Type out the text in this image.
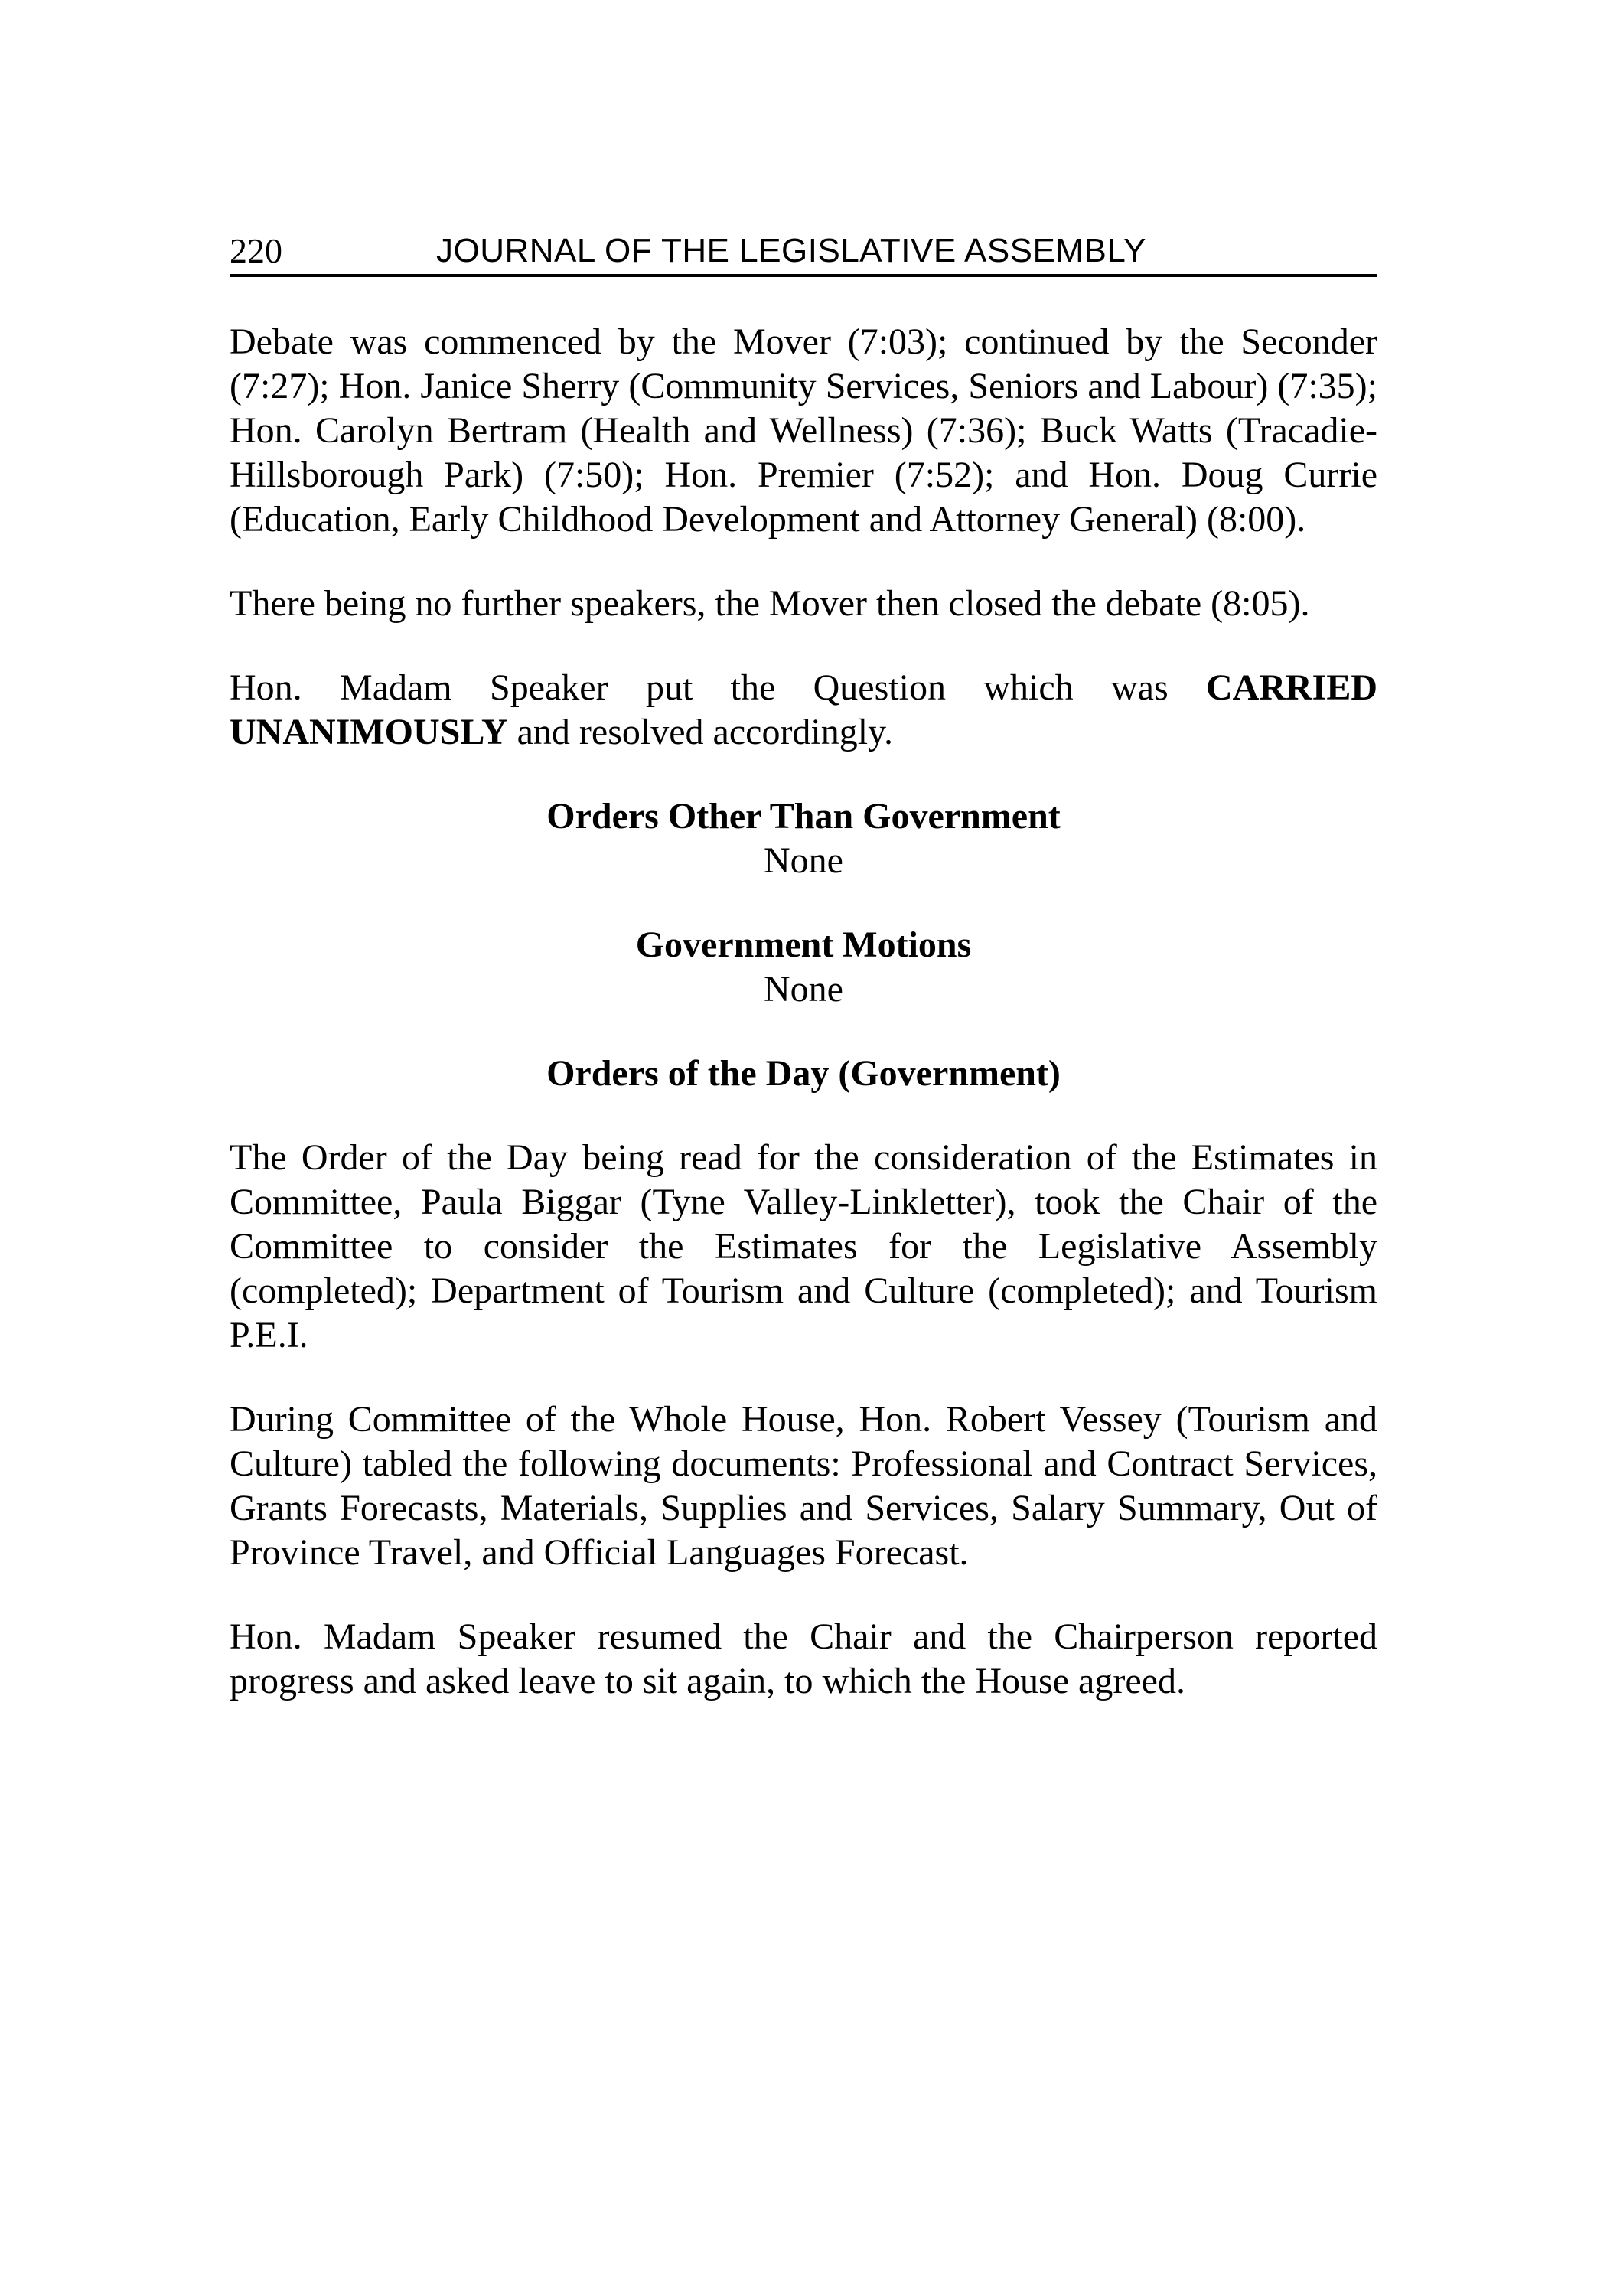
220	JOURNAL OF THE LEGISLATIVE ASSEMBLY

Debate was commenced by the Mover (7:03); continued by the Seconder (7:27); Hon. Janice Sherry (Community Services, Seniors and Labour) (7:35); Hon. Carolyn Bertram (Health and Wellness) (7:36); Buck Watts (Tracadie-Hillsborough Park) (7:50); Hon. Premier (7:52); and Hon. Doug Currie (Education, Early Childhood Development and Attorney General) (8:00).

There being no further speakers, the Mover then closed the debate (8:05).

Hon. Madam Speaker put the Question which was CARRIED UNANIMOUSLY and resolved accordingly.

Orders Other Than Government
None
Government Motions
None
Orders of the Day (Government)

The Order of the Day being read for the consideration of the Estimates in Committee, Paula Biggar (Tyne Valley-Linkletter), took the Chair of the Committee to consider the Estimates for the Legislative Assembly (completed); Department of Tourism and Culture (completed); and Tourism P.E.I.

During Committee of the Whole House, Hon. Robert Vessey (Tourism and Culture) tabled the following documents: Professional and Contract Services, Grants Forecasts, Materials, Supplies and Services, Salary Summary, Out of Province Travel, and Official Languages Forecast.

Hon. Madam Speaker resumed the Chair and the Chairperson reported progress and asked leave to sit again, to which the House agreed.
